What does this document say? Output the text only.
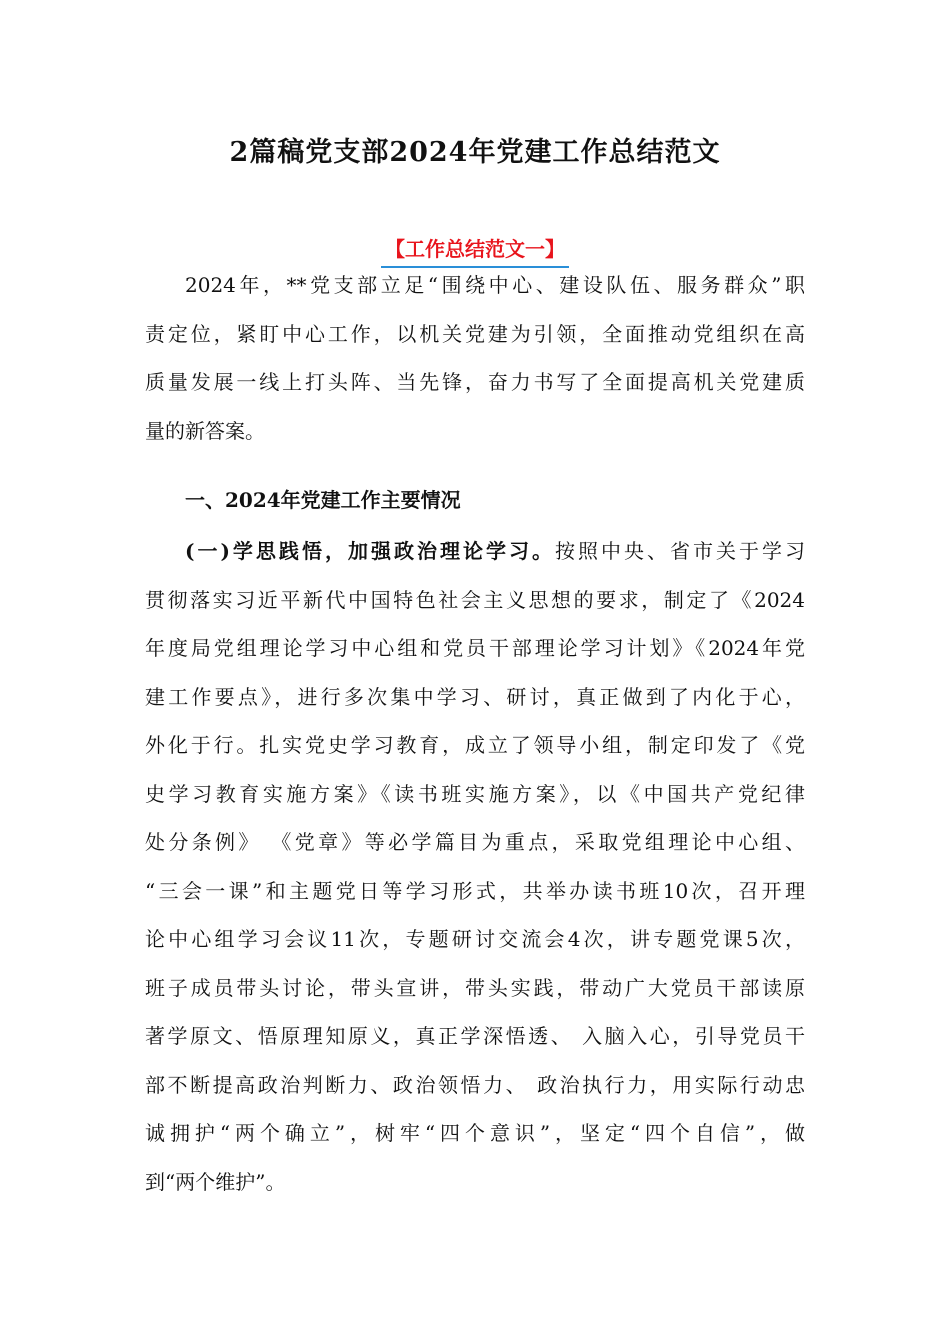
2篇稿党支部2024年党建工作总结范文
【工作总结范文一】
2024年，**党支部立足“围绕中心、建设队伍、服务群众”职
责定位，紧盯中心工作，以机关党建为引领，全面推动党组织在高
质量发展一线上打头阵、当先锋，奋力书写了全面提高机关党建质
量的新答案。
一、2024年党建工作主要情况
(一)学思践悟，加强政治理论学习。按照中央、省市关于学习
贯彻落实习近平新代中国特色社会主义思想的要求，制定了《2024
年度局党组理论学习中心组和党员干部理论学习计划》《2024年党
建工作要点》，进行多次集中学习、研讨，真正做到了内化于心，
外化于行。扎实党史学习教育，成立了领导小组，制定印发了《党
史学习教育实施方案》《读书班实施方案》，以《中国共产党纪律
处分条例》 《党章》等必学篇目为重点，采取党组理论中心组、
“三会一课”和主题党日等学习形式，共举办读书班10次，召开理
论中心组学习会议11次，专题研讨交流会4次，讲专题党课5次，
班子成员带头讨论，带头宣讲，带头实践，带动广大党员干部读原
著学原文、悟原理知原义，真正学深悟透、 入脑入心，引导党员干
部不断提高政治判断力、政治领悟力、 政治执行力，用实际行动忠
诚拥护“两个确立”，树牢“四个意识”，坚定“四个自信”，做
到“两个维护”。
